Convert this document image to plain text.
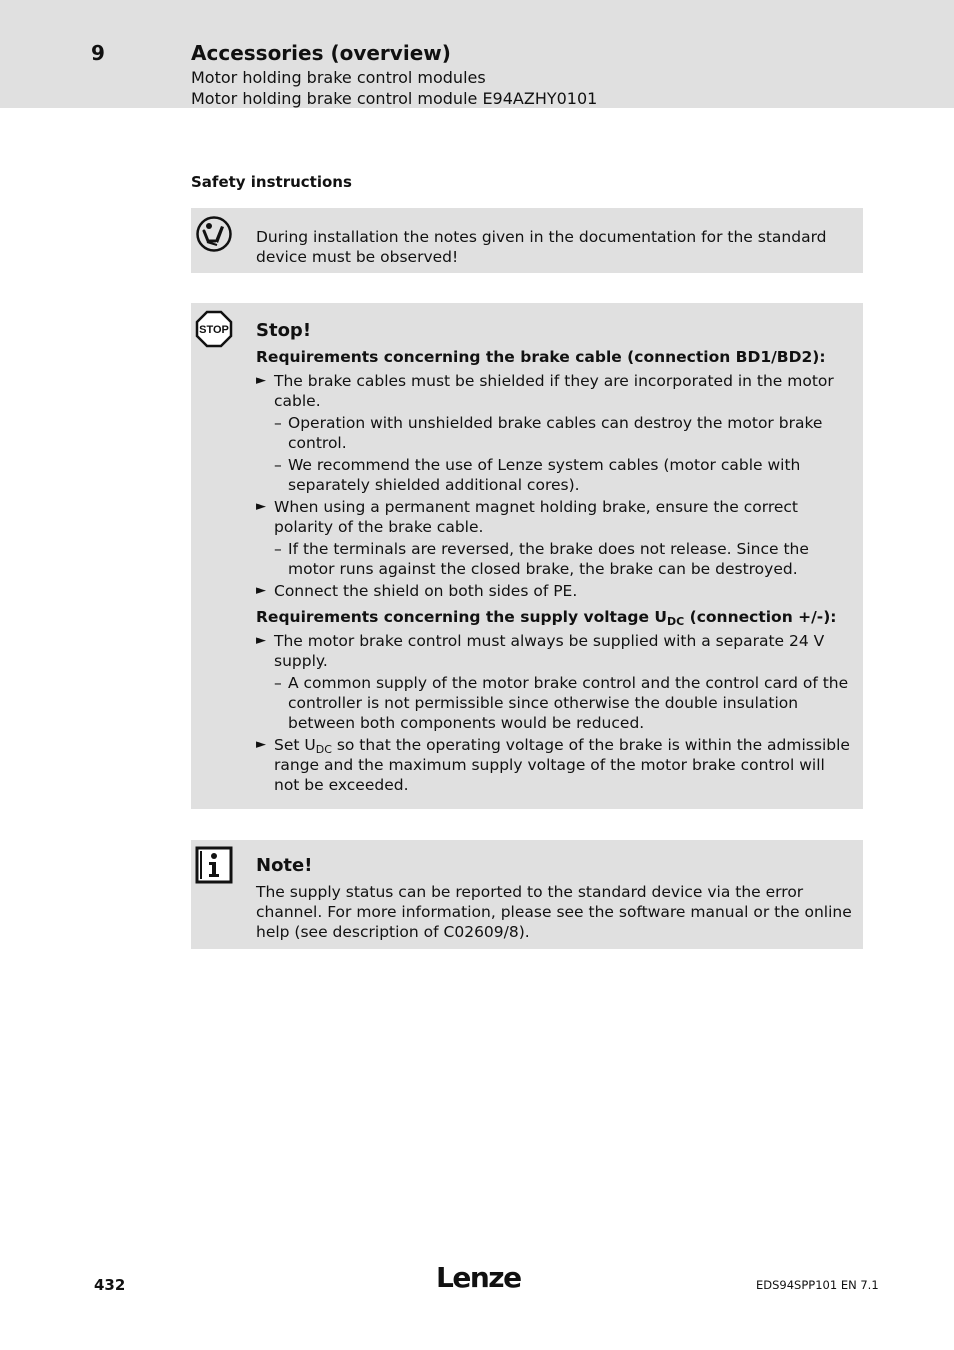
9	Accessories (overview)
Motor holding brake control modules
Motor holding brake control module E94AZHY0101
Safety instructions
During installation the notes given in the documentation for the standard device must be observed!
STOP Stop!
Requirements concerning the brake cable (connection BD1/BD2):
► The brake cables must be shielded if they are incorporated in the motor cable.
– Operation with unshielded brake cables can destroy the motor brake control.
– We recommend the use of Lenze system cables (motor cable with separately shielded additional cores).
► When using a permanent magnet holding brake, ensure the correct polarity of the brake cable.
– If the terminals are reversed, the brake does not release. Since the motor runs against the closed brake, the brake can be destroyed.
► Connect the shield on both sides of PE.
Requirements concerning the supply voltage $U_{DC}$ (connection +/-):
► The motor brake control must always be supplied with a separate 24 V supply.
– A common supply of the motor brake control and the control card of the controller is not permissible since otherwise the double insulation between both components would be reduced.
► Set $U_{DC}$ so that the operating voltage of the brake is within the admissible range and the maximum supply voltage of the motor brake control will not be exceeded.
Note!
The supply status can be reported to the standard device via the error channel. For more information, please see the software manual or the online help (see description of C02609/8).
432	Lenze	EDS94SPP101 EN 7.1
